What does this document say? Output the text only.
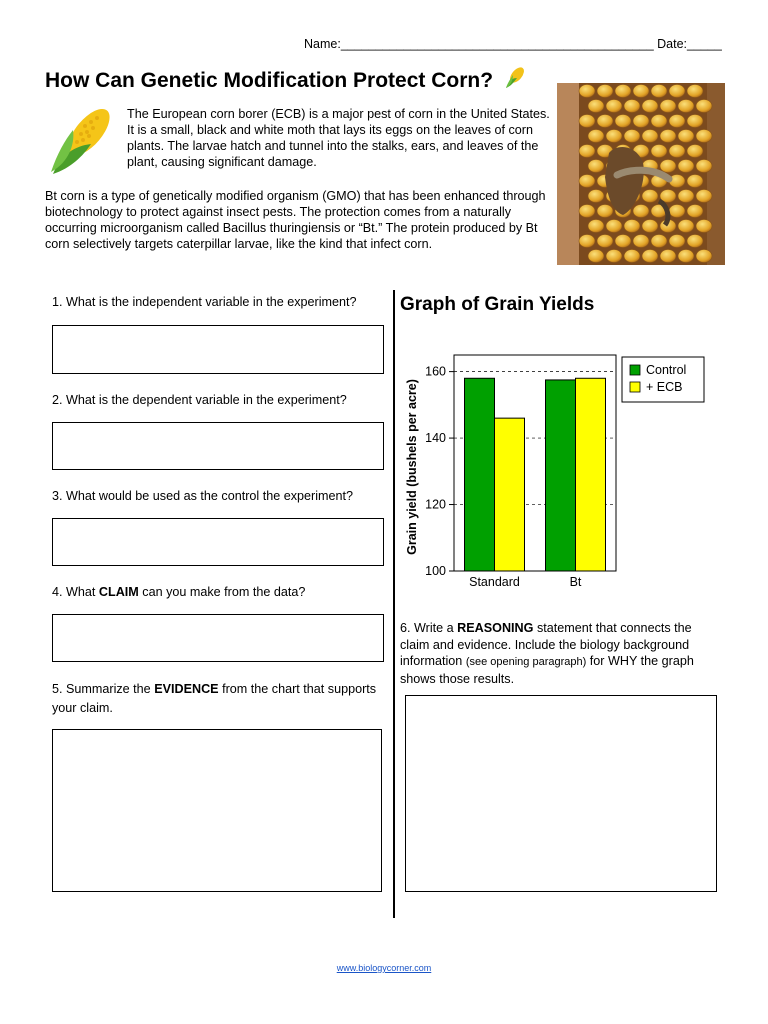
Name:_____________________________________________ Date:_____
How Can Genetic Modification Protect Corn?
The European corn borer (ECB) is a major pest of corn in the United States. It is a small, black and white moth that lays its eggs on the leaves of corn plants. The larvae hatch and tunnel into the stalks, ears, and leaves of the plant, causing significant damage.
Bt corn is a type of genetically modified organism (GMO) that has been enhanced through biotechnology to protect against insect pests. The protection comes from a naturally occurring microorganism called Bacillus thuringiensis or “Bt.” The protein produced by Bt corn selectively targets caterpillar larvae, like the kind that infect corn.
1. What is the independent variable in the experiment?
2. What is the dependent variable in the experiment?
3. What would be used as the control the experiment?
4. What CLAIM can you make from the data?
5. Summarize the EVIDENCE from the chart that supports your claim.
Graph of Grain Yields
100
120
140
160
Standard	Bt
Grain yield (bushels per acre)
Control
+ ECB
6. Write a REASONING statement that connects the claim and evidence. Include the biology background information (see opening paragraph) for WHY the graph shows those results.
www.biologycorner.com
